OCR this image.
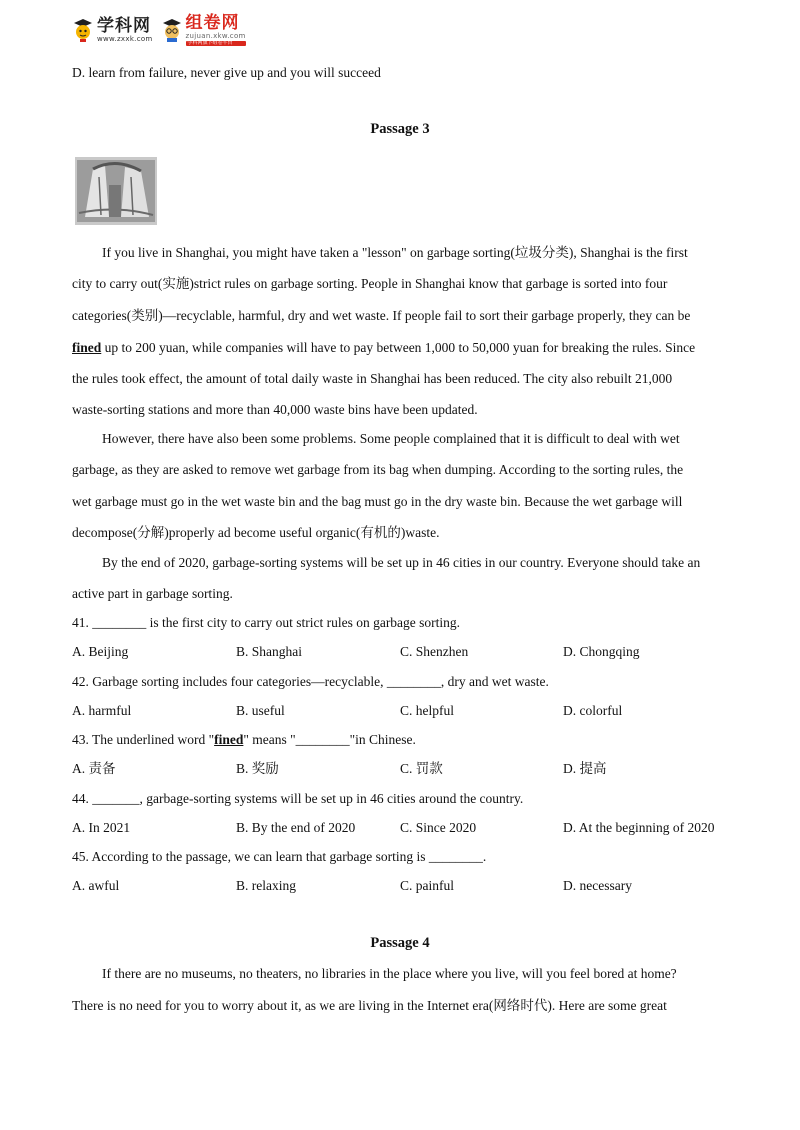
学科网
www.zxxk.com
组卷网
zujuan.xkw.com
学科网旗下组卷平台
D. learn from failure, never give up and you will succeed
Passage 3
If you live in Shanghai, you might have taken a "lesson" on garbage sorting(垃圾分类), Shanghai is the first
city to carry out(实施)strict rules on garbage sorting. People in Shanghai know that garbage is sorted into four
categories(类别)—recyclable, harmful, dry and wet waste. If people fail to sort their garbage properly, they can be
fined up to 200 yuan, while companies will have to pay between 1,000 to 50,000 yuan for breaking the rules. Since
the rules took effect, the amount of total daily waste in Shanghai has been reduced. The city also rebuilt 21,000
waste-sorting stations and more than 40,000 waste bins have been updated.
However, there have also been some problems. Some people complained that it is difficult to deal with wet
garbage, as they are asked to remove wet garbage from its bag when dumping. According to the sorting rules, the
wet garbage must go in the wet waste bin and the bag must go in the dry waste bin. Because the wet garbage will
decompose(分解)properly ad become useful organic(有机的)waste.
By the end of 2020, garbage-sorting systems will be set up in 46 cities in our country. Everyone should take an
active part in garbage sorting.
41. ________ is the first city to carry out strict rules on garbage sorting.
A. Beijing	B. Shanghai	C. Shenzhen	D. Chongqing
42. Garbage sorting includes four categories—recyclable, ________, dry and wet waste.
A. harmful	B. useful	C. helpful	D. colorful
43. The underlined word "fined" means "________"in Chinese.
A. 责备	B. 奖励	C. 罚款	D. 提高
44. _______, garbage-sorting systems will be set up in 46 cities around the country.
A. In 2021	B. By the end of 2020	C. Since 2020	D. At the beginning of 2020
45. According to the passage, we can learn that garbage sorting is ________.
A. awful	B. relaxing	C. painful	D. necessary
Passage 4
If there are no museums, no theaters, no libraries in the place where you live, will you feel bored at home?
There is no need for you to worry about it, as we are living in the Internet era(网络时代). Here are some great
